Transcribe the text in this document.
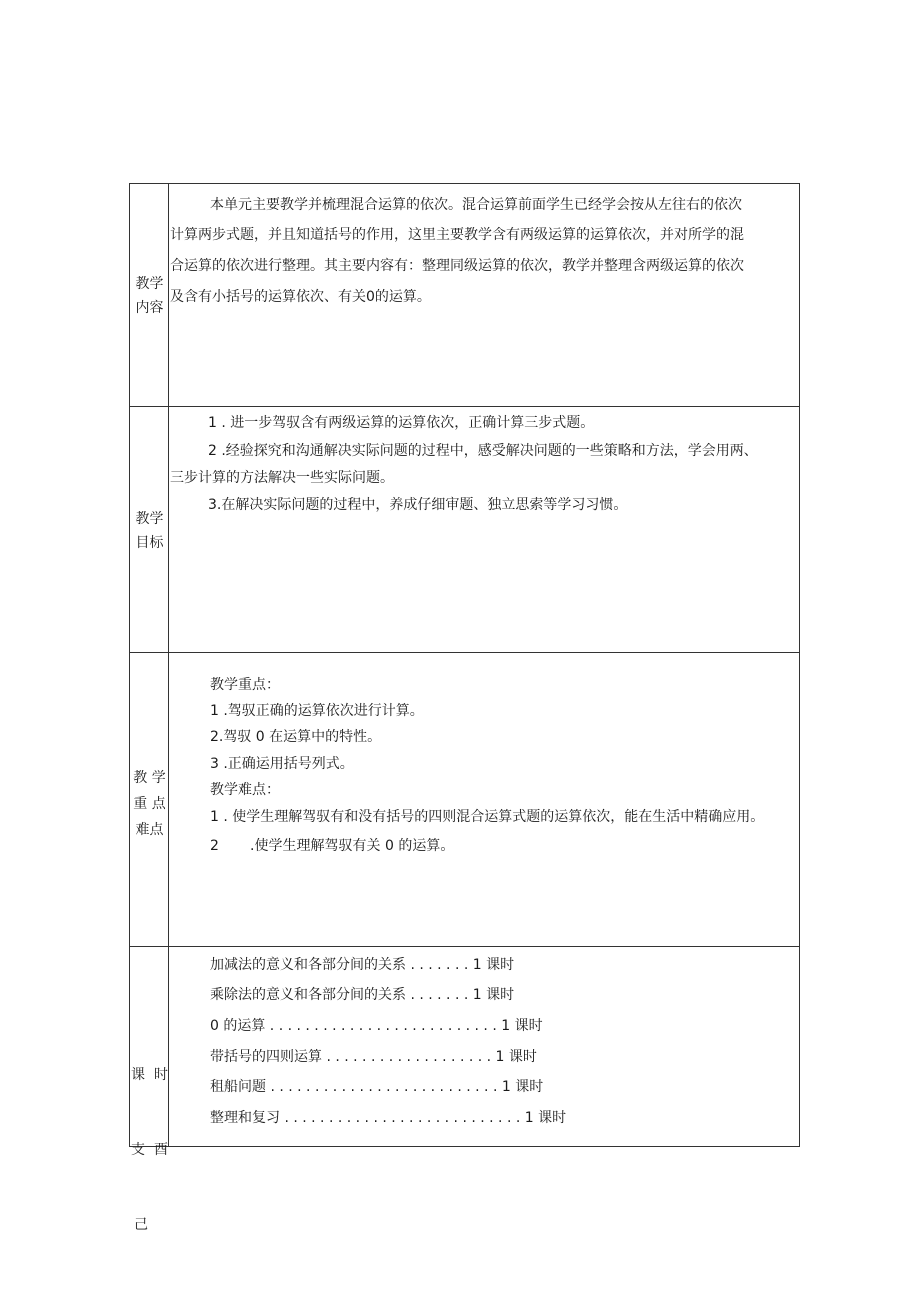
教学
内容
本单元主要教学并梳理混合运算的依次。混合运算前面学生已经学会按从左往右的依次
计算两步式题，并且知道括号的作用，这里主要教学含有两级运算的运算依次，并对所学的混
合运算的依次进行整理。其主要内容有：整理同级运算的依次，教学并整理含两级运算的依次
及含有小括号的运算依次、有关0的运算。
教学
目标
1 . 进一步驾驭含有两级运算的运算依次，正确计算三步式题。
2 .经验探究和沟通解决实际问题的过程中，感受解决问题的一些策略和方法，学会用两、
三步计算的方法解决一些实际问题。
3.在解决实际问题的过程中，养成仔细审题、独立思索等学习习惯。
教 学
重 点
难点
教学重点：
1 .驾驭正确的运算依次进行计算。
2.驾驭 0 在运算中的特性。
3 .正确运用括号列式。
教学难点：
1 . 使学生理解驾驭有和没有括号的四则混合运算式题的运算依次，能在生活中精确应用。
2       .使学生理解驾驭有关 0 的运算。

课  时

支  酉

己

加减法的意义和各部分间的关系 . . . . . . . 1 课时
乘除法的意义和各部分间的关系 . . . . . . . 1 课时
0 的运算 . . . . . . . . . . . . . . . . . . . . . . . . . . 1 课时
带括号的四则运算 . . . . . . . . . . . . . . . . . . . 1 课时
租船问题 . . . . . . . . . . . . . . . . . . . . . . . . . . 1 课时
整理和复习 . . . . . . . . . . . . . . . . . . . . . . . . . . . 1 课时
